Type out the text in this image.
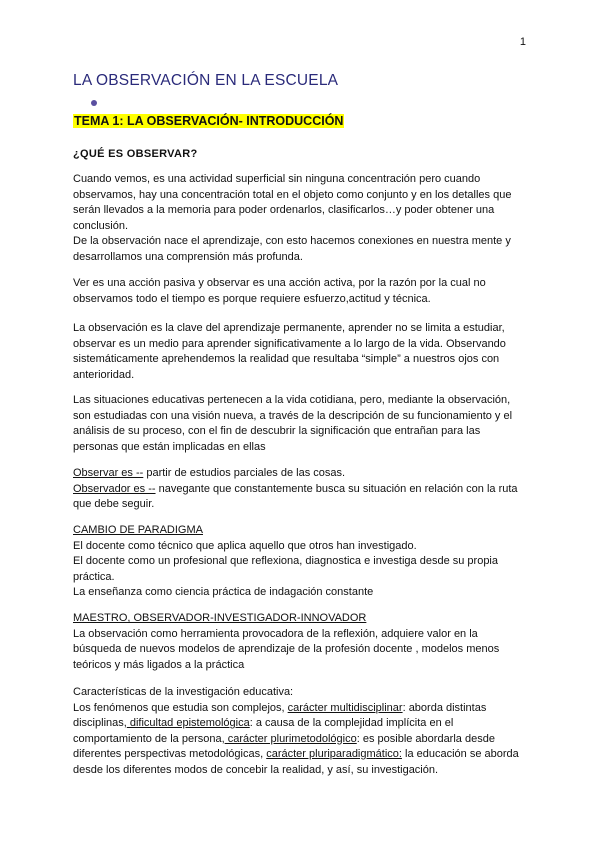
1
LA OBSERVACIÓN EN LA ESCUELA
TEMA 1: LA OBSERVACIÓN- INTRODUCCIÓN
¿QUÉ ES OBSERVAR?

Cuando vemos, es una actividad superficial sin ninguna concentración pero cuando observamos, hay una concentración total en el objeto como conjunto y en los detalles que serán llevados a la memoria para poder ordenarlos, clasificarlos…y poder obtener una conclusión.
De la observación nace el aprendizaje, con esto hacemos conexiones en nuestra mente y desarrollamos una comprensión más profunda.

Ver es una acción pasiva y observar es una acción activa, por la razón por la cual no observamos todo el tiempo es porque requiere esfuerzo,actitud y técnica.

La observación es la clave del aprendizaje permanente, aprender no se limita a estudiar, observar es un medio para aprender significativamente a lo largo de la vida. Observando sistemáticamente aprehendemos la realidad que resultaba “simple” a nuestros ojos con anterioridad.

Las situaciones educativas pertenecen a la vida cotidiana, pero, mediante la observación, son estudiadas con una visión nueva, a través de la descripción de su funcionamiento y el análisis de su proceso, con el fin de descubrir la significación que entrañan para las personas que están implicadas en ellas

Observar es -- partir de estudios parciales de las cosas.
Observador es -- navegante que constantemente busca su situación en relación con la ruta que debe seguir.

CAMBIO DE PARADIGMA
El docente como técnico que aplica aquello que otros han investigado.
El docente como un profesional que reflexiona, diagnostica e investiga desde su propia práctica.
La enseñanza como ciencia práctica de indagación constante

MAESTRO, OBSERVADOR-INVESTIGADOR-INNOVADOR
La observación como herramienta provocadora de la reflexión, adquiere valor en la búsqueda de nuevos modelos de aprendizaje de la profesión docente , modelos menos teóricos y más ligados a la práctica

Características de la investigación educativa:
Los fenómenos que estudia son complejos, carácter multidisciplinar: aborda distintas disciplinas, dificultad epistemológica: a causa de la complejidad implícita en el comportamiento de la persona, carácter plurimetodológico: es posible abordarla desde diferentes perspectivas metodológicas, carácter pluriparadigmático: la educación se aborda desde los diferentes modos de concebir la realidad, y así, su investigación.
